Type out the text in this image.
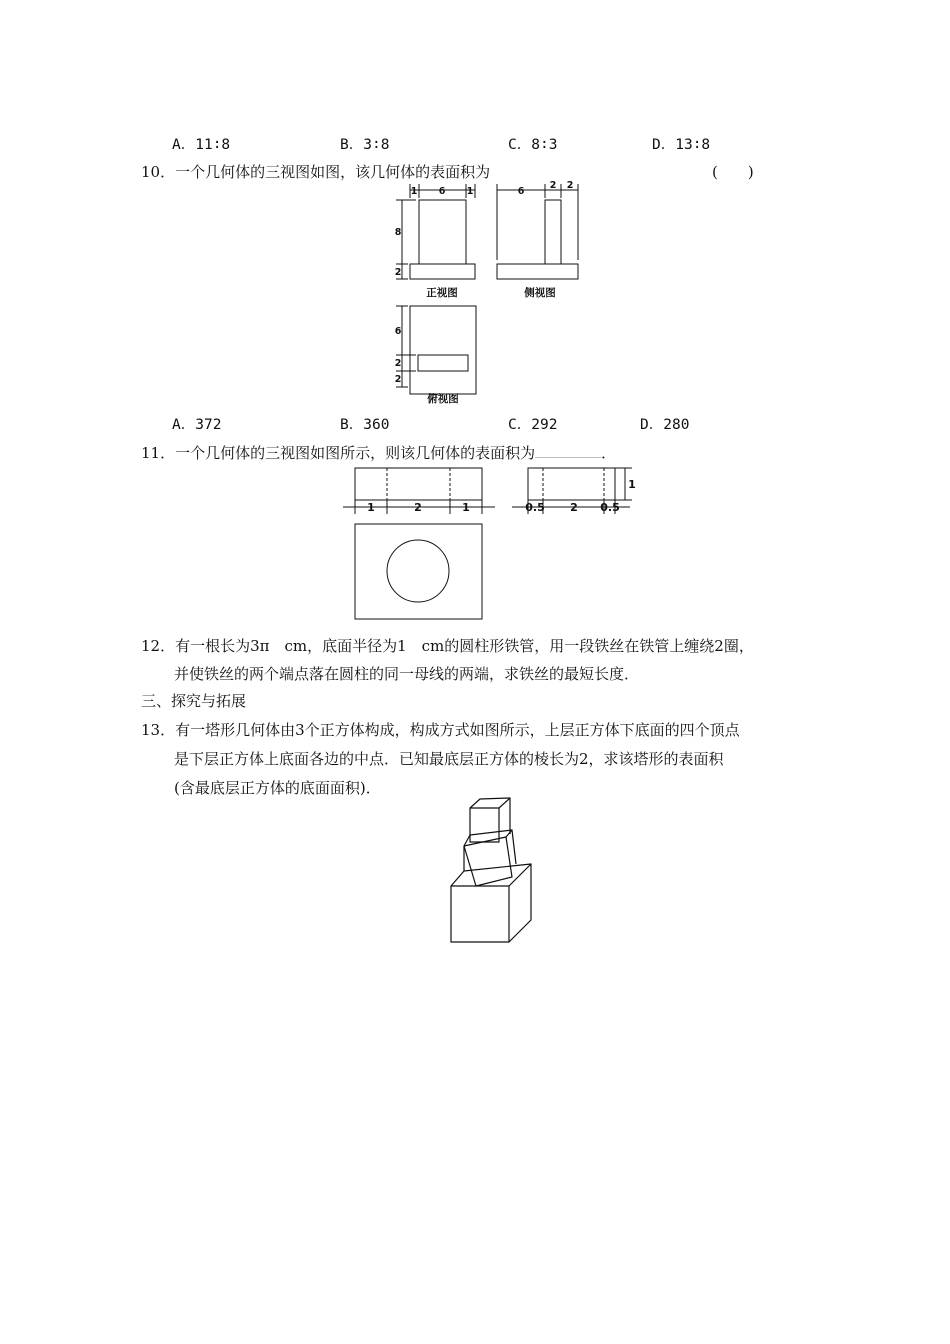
A．11∶8	B．3∶8	C．8∶3	D．13∶8
10．一个几何体的三视图如图，该几何体的表面积为	(　　)
1 6 1
8
2
6
2 2
6
2
2
正视图	侧视图
俯视图
A．372	B．360	C．292	D．280
11．一个几何体的三视图如图所示，则该几何体的表面积为	．
1	2	1	0.5 2 0.5
1
12．有一根长为3π　cm，底面半径为1　cm的圆柱形铁管，用一段铁丝在铁管上缠绕2圈，
并使铁丝的两个端点落在圆柱的同一母线的两端，求铁丝的最短长度．
三、探究与拓展
13．有一塔形几何体由3个正方体构成，构成方式如图所示，上层正方体下底面的四个顶点
是下层正方体上底面各边的中点．已知最底层正方体的棱长为2，求该塔形的表面积
(含最底层正方体的底面面积)．
